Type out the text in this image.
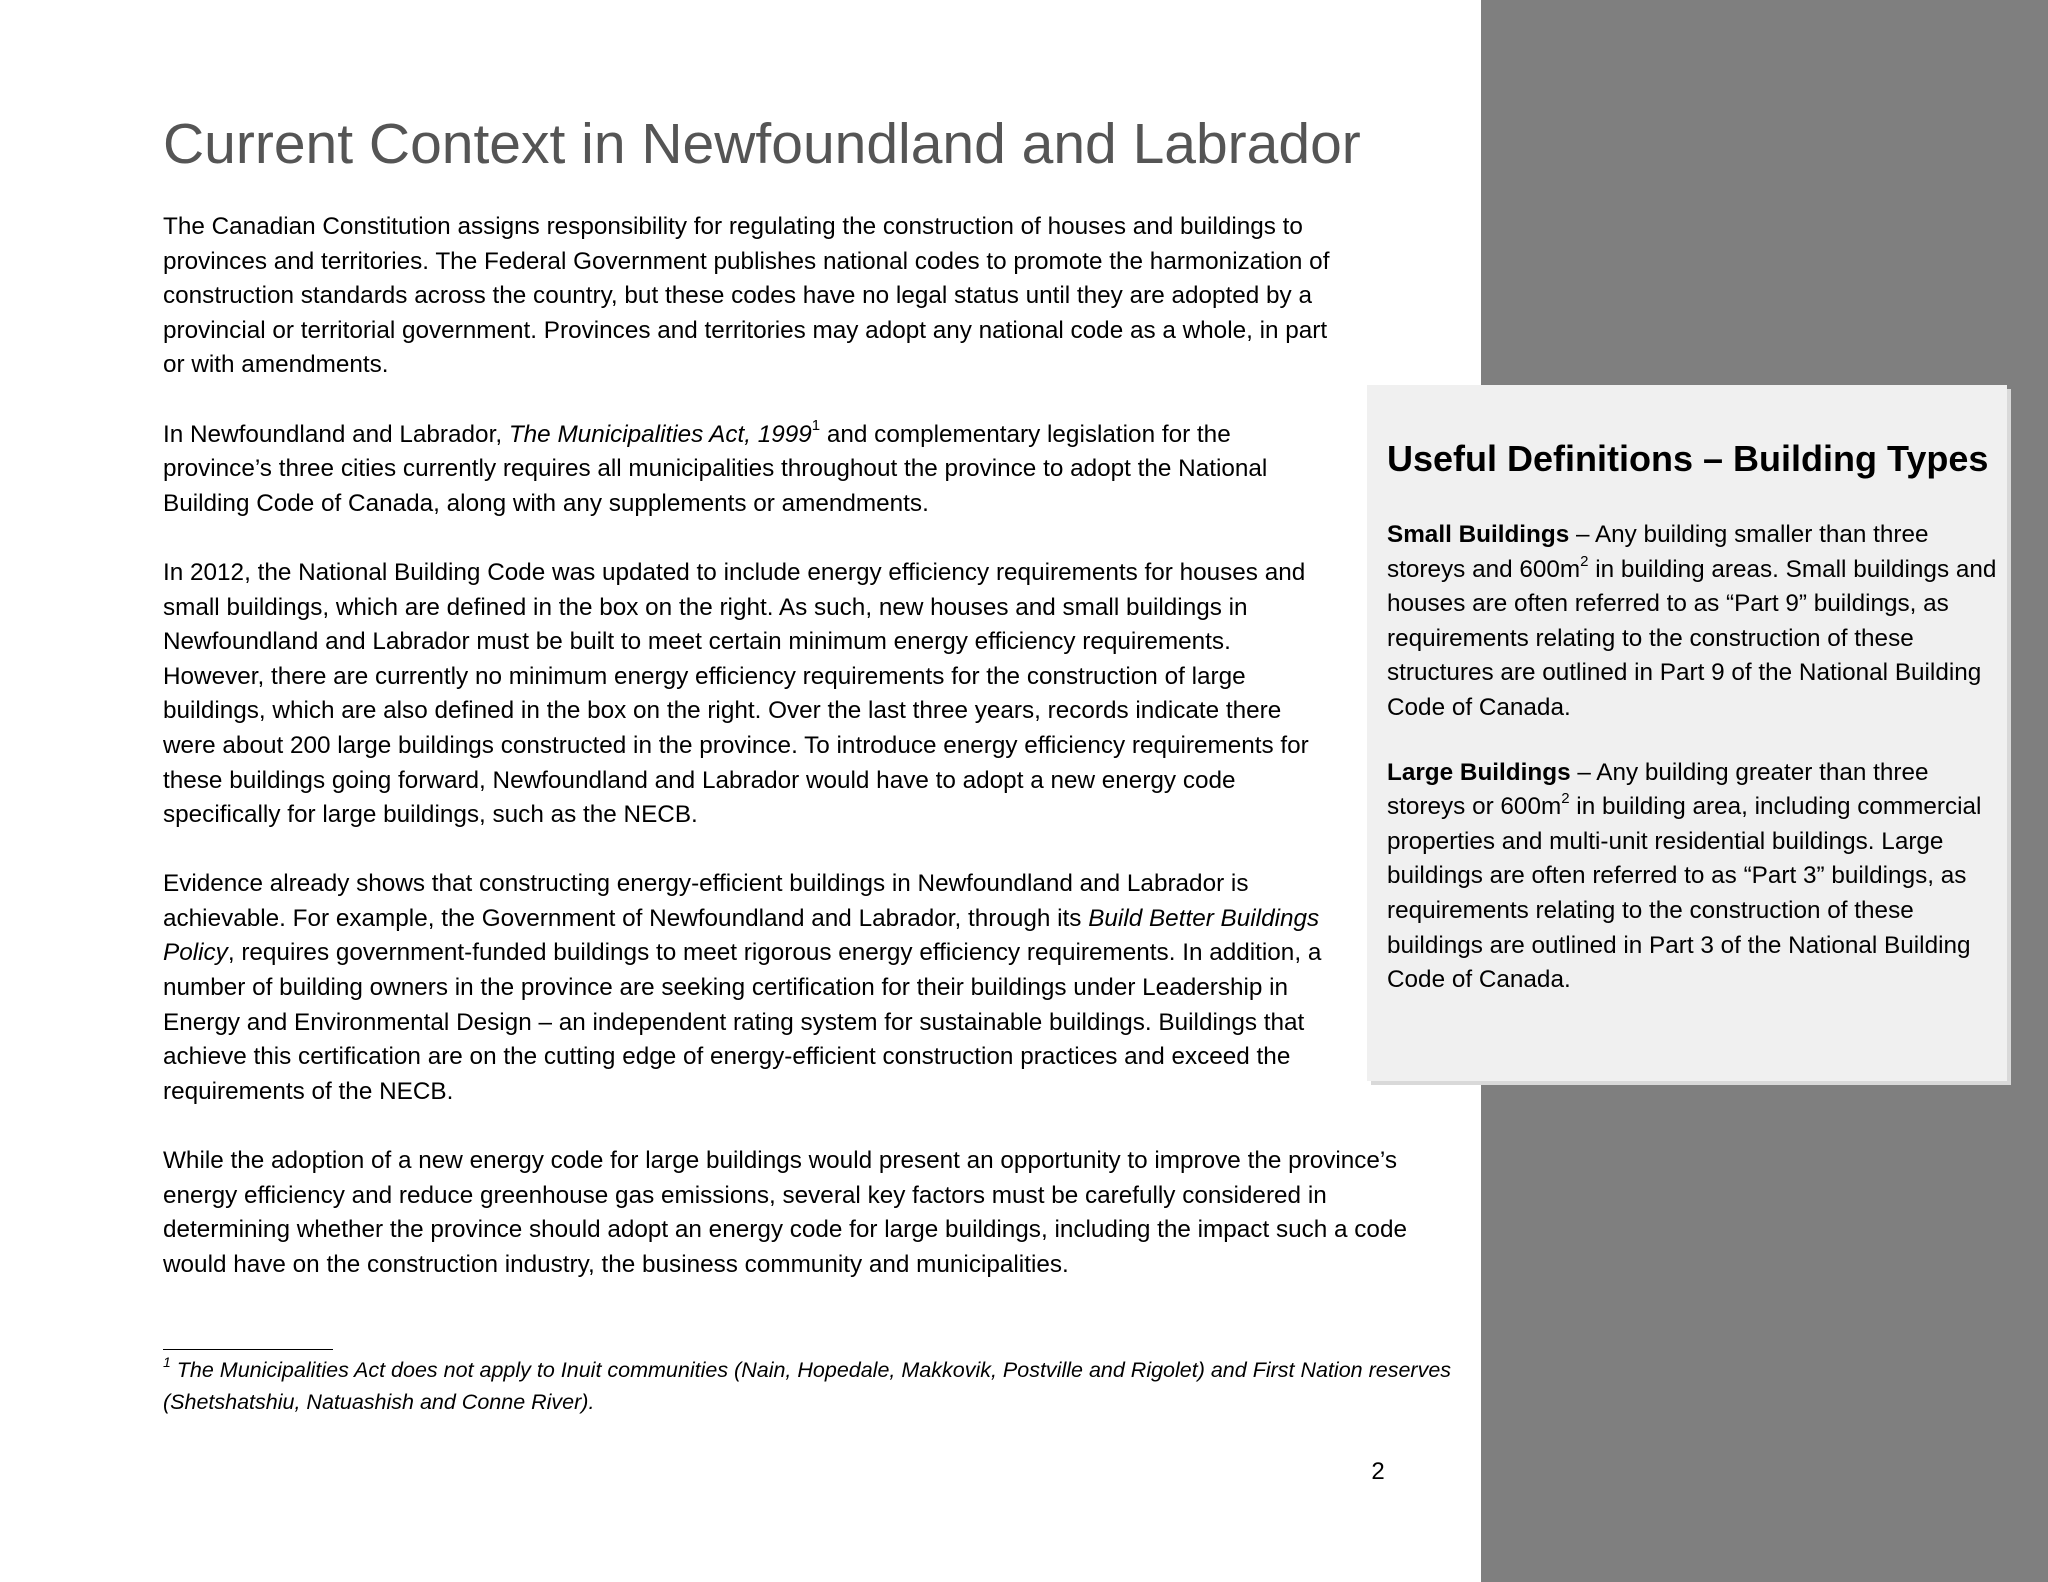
Current Context in Newfoundland and Labrador

The Canadian Constitution assigns responsibility for regulating the construction of houses and buildings to provinces and territories. The Federal Government publishes national codes to promote the harmonization of construction standards across the country, but these codes have no legal status until they are adopted by a provincial or territorial government. Provinces and territories may adopt any national code as a whole, in part or with amendments.

In Newfoundland and Labrador, The Municipalities Act, 1999$^1$ and complementary legislation for the province’s three cities currently requires all municipalities throughout the province to adopt the National Building Code of Canada, along with any supplements or amendments.

In 2012, the National Building Code was updated to include energy efficiency requirements for houses and small buildings, which are defined in the box on the right. As such, new houses and small buildings in Newfoundland and Labrador must be built to meet certain minimum energy efficiency requirements. However, there are currently no minimum energy efficiency requirements for the construction of large buildings, which are also defined in the box on the right. Over the last three years, records indicate there were about 200 large buildings constructed in the province. To introduce energy efficiency requirements for these buildings going forward, Newfoundland and Labrador would have to adopt a new energy code specifically for large buildings, such as the NECB.

Evidence already shows that constructing energy-efficient buildings in Newfoundland and Labrador is achievable. For example, the Government of Newfoundland and Labrador, through its Build Better Buildings Policy, requires government-funded buildings to meet rigorous energy efficiency requirements. In addition, a number of building owners in the province are seeking certification for their buildings under Leadership in Energy and Environmental Design – an independent rating system for sustainable buildings. Buildings that achieve this certification are on the cutting edge of energy-efficient construction practices and exceed the requirements of the NECB.

While the adoption of a new energy code for large buildings would present an opportunity to improve the province’s energy efficiency and reduce greenhouse gas emissions, several key factors must be carefully considered in determining whether the province should adopt an energy code for large buildings, including the impact such a code would have on the construction industry, the business community and municipalities.

Useful Definitions – Building Types

Small Buildings – Any building smaller than three storeys and $600m^2$ in building areas. Small buildings and houses are often referred to as “Part 9” buildings, as requirements relating to the construction of these structures are outlined in Part 9 of the National Building Code of Canada.

Large Buildings – Any building greater than three storeys or $600m^2$ in building area, including commercial properties and multi-unit residential buildings. Large buildings are often referred to as “Part 3” buildings, as requirements relating to the construction of these buildings are outlined in Part 3 of the National Building Code of Canada.

$^1$ The Municipalities Act does not apply to Inuit communities (Nain, Hopedale, Makkovik, Postville and Rigolet) and First Nation reserves (Shetshatshiu, Natuashish and Conne River).
2
